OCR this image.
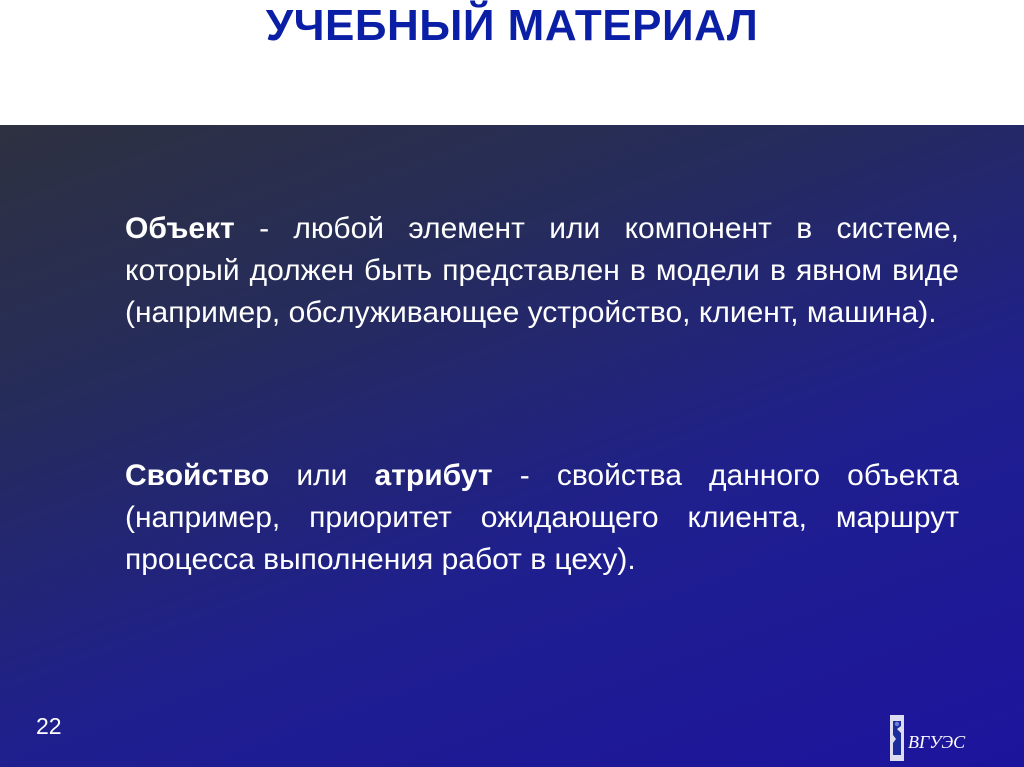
УЧЕБНЫЙ МАТЕРИАЛ
Объект - любой элемент или компонент в системе, который должен быть представлен в модели в явном виде (например, обслуживающее устройство, клиент, машина).
Свойство или атрибут - свойства данного объекта (например, приоритет ожидающего клиента, маршрут процесса выполнения работ в цеху).
22
ВГУЭС
